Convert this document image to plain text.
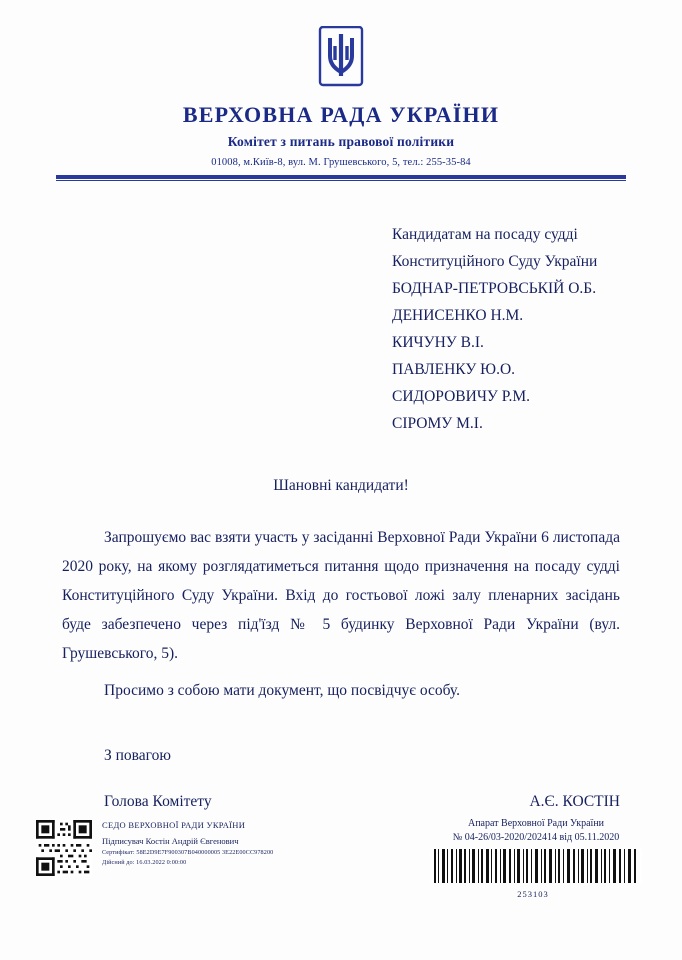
ВЕРХОВНА РАДА УКРАЇНИ
Комітет з питань правової політики
01008, м.Київ-8, вул. М. Грушевського, 5, тел.: 255-35-84
Кандидатам на посаду судді
Конституційного Суду України
БОДНАР-ПЕТРОВСЬКІЙ О.Б.
ДЕНИСЕНКО Н.М.
КИЧУНУ В.І.
ПАВЛЕНКУ Ю.О.
СИДОРОВИЧУ Р.М.
СІРОМУ М.І.
Шановні кандидати!
Запрошуємо вас взяти участь у засіданні Верховної Ради України 6 листопада 2020 року, на якому розглядатиметься питання щодо призначення на посаду судді Конституційного Суду України. Вхід до гостьової ложі залу пленарних засідань буде забезпечено через під'їзд № 5 будинку Верховної Ради України (вул. Грушевського, 5).
Просимо з собою мати документ, що посвідчує особу.
З повагою
Голова Комітету	А.Є. КОСТІН
СЕДО ВЕРХОВНОЇ РАДИ УКРАЇНИ
Підписувач Костін Андрій Євгенович
Сертифікат: 58E2D9E7F900307B040000005 3E22E00CC978200
Дійсний до: 16.03.2022 0:00:00
Апарат Верховної Ради України
№ 04-26/03-2020/202414 від 05.11.2020
253103
